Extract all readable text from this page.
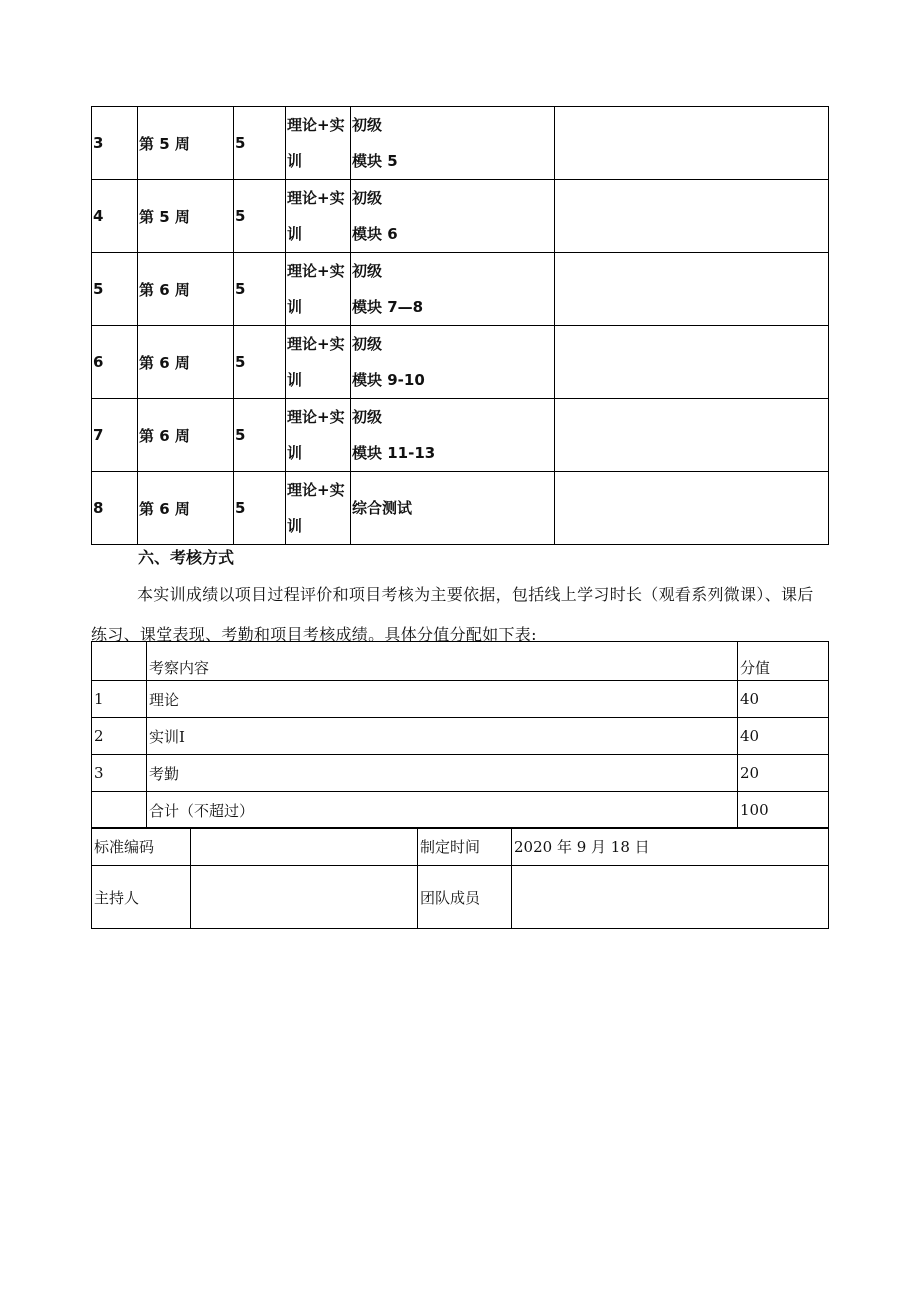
3	第 5 周	5	理论+实
训	初级
模块 5	

4	第 5 周	5	理论+实
训	初级
模块 6	

5	第 6 周	5	理论+实
训	初级
模块 7—8	

6	第 6 周	5	理论+实
训	初级
模块 9-10	

7	第 6 周	5	理论+实
训	初级
模块 11-13	

8	第 6 周	5	理论+实
训	综合测试	

六、考核方式

本实训成绩以项目过程评价和项目考核为主要依据，包括线上学习时长（观看系列微课）、课后练习、课堂表现、考勤和项目考核成绩。具体分值分配如下表:

	考察内容	分值
1	理论	40
2	实训Ⅰ	40
3	考勤	20
	合计（不超过）	100
标准编码		制定时间	2020 年 9 月 18 日
主持人		团队成员	
